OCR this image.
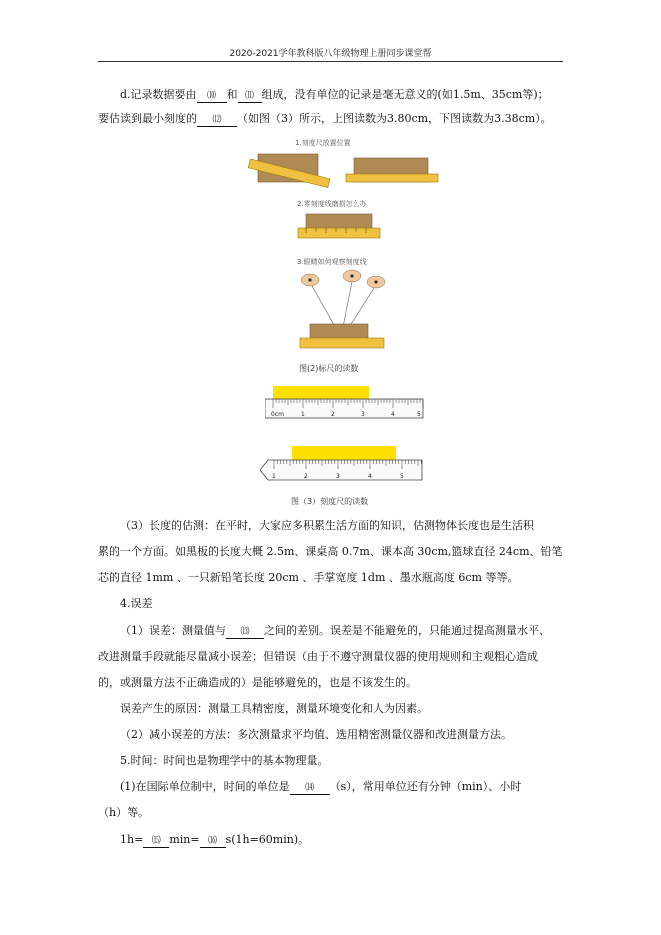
2020-2021学年教科版八年级物理上册同步课堂帮
d.记录数据要由 ⑽ 和 ⑾ 组成，没有单位的记录是毫无意义的(如1.5m、35cm等)；
要估读到最小刻度的 ⑿ （如图（3）所示，上图读数为3.80cm，下图读数为3.38cm）。
1.刻度尺放置位置
2.零刻度线磨损怎么办
3.眼睛如何观察刻度线
图(2)标尺的读数
0cm	1	2	3	4	5
1	2	3	4	5
图（3）刻度尺的读数
（3）长度的估测：在平时，大家应多积累生活方面的知识，估测物体长度也是生活积
累的一个方面。如黑板的长度大概 2.5m、课桌高 0.7m、课本高 30cm,篮球直径 24cm、铅笔
芯的直径 1mm 、一只新铅笔长度 20cm 、手掌宽度 1dm 、墨水瓶高度 6cm 等等。
4.误差
（1）误差：测量值与 ⒀ 之间的差别。误差是不能避免的，只能通过提高测量水平、
改进测量手段就能尽量减小误差；但错误（由于不遵守测量仪器的使用规则和主观粗心造成
的，或测量方法不正确造成的）是能够避免的，也是不该发生的。
误差产生的原因：测量工具精密度，测量环境变化和人为因素。
（2）减小误差的方法：多次测量求平均值、选用精密测量仪器和改进测量方法。
5.时间：时间也是物理学中的基本物理量。
(1)在国际单位制中，时间的单位是 ⒁ （s），常用单位还有分钟（min）、小时
（h）等。
1h= ⒂ min= ⒃ s(1h=60min)。
